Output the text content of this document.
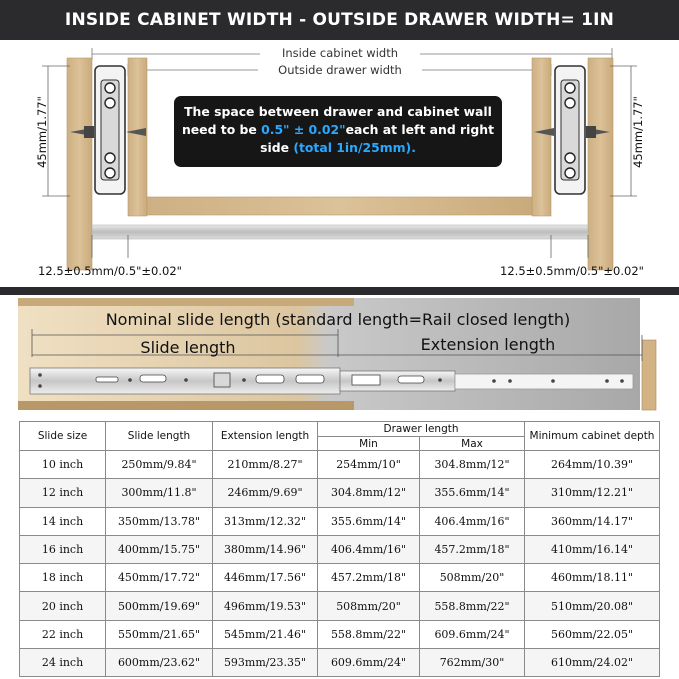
INSIDE CABINET WIDTH - OUTSIDE DRAWER WIDTH= 1IN
Inside cabinet width
Outside drawer width
45mm/1.77"	45mm/1.77"
12.5±0.5mm/0.5"±0.02"	12.5±0.5mm/0.5"±0.02"
The space between drawer and cabinet wall
need to be 0.5" ± 0.02"each at left and right
side (total 1in/25mm).
Nominal slide length (standard length=Rail closed length)
Slide length	Extension length
Slide size	Slide length	Extension length	Drawer length		Minimum cabinet depth
			Min	Max	
10 inch	250mm/9.84"	210mm/8.27"	254mm/10"	304.8mm/12"	264mm/10.39"
12 inch	300mm/11.8"	246mm/9.69"	304.8mm/12"	355.6mm/14"	310mm/12.21"
14 inch	350mm/13.78"	313mm/12.32"	355.6mm/14"	406.4mm/16"	360mm/14.17"
16 inch	400mm/15.75"	380mm/14.96"	406.4mm/16"	457.2mm/18"	410mm/16.14"
18 inch	450mm/17.72"	446mm/17.56"	457.2mm/18"	508mm/20"	460mm/18.11"
20 inch	500mm/19.69"	496mm/19.53"	508mm/20"	558.8mm/22"	510mm/20.08"
22 inch	550mm/21.65"	545mm/21.46"	558.8mm/22"	609.6mm/24"	560mm/22.05"
24 inch	600mm/23.62"	593mm/23.35"	609.6mm/24"	762mm/30"	610mm/24.02"
